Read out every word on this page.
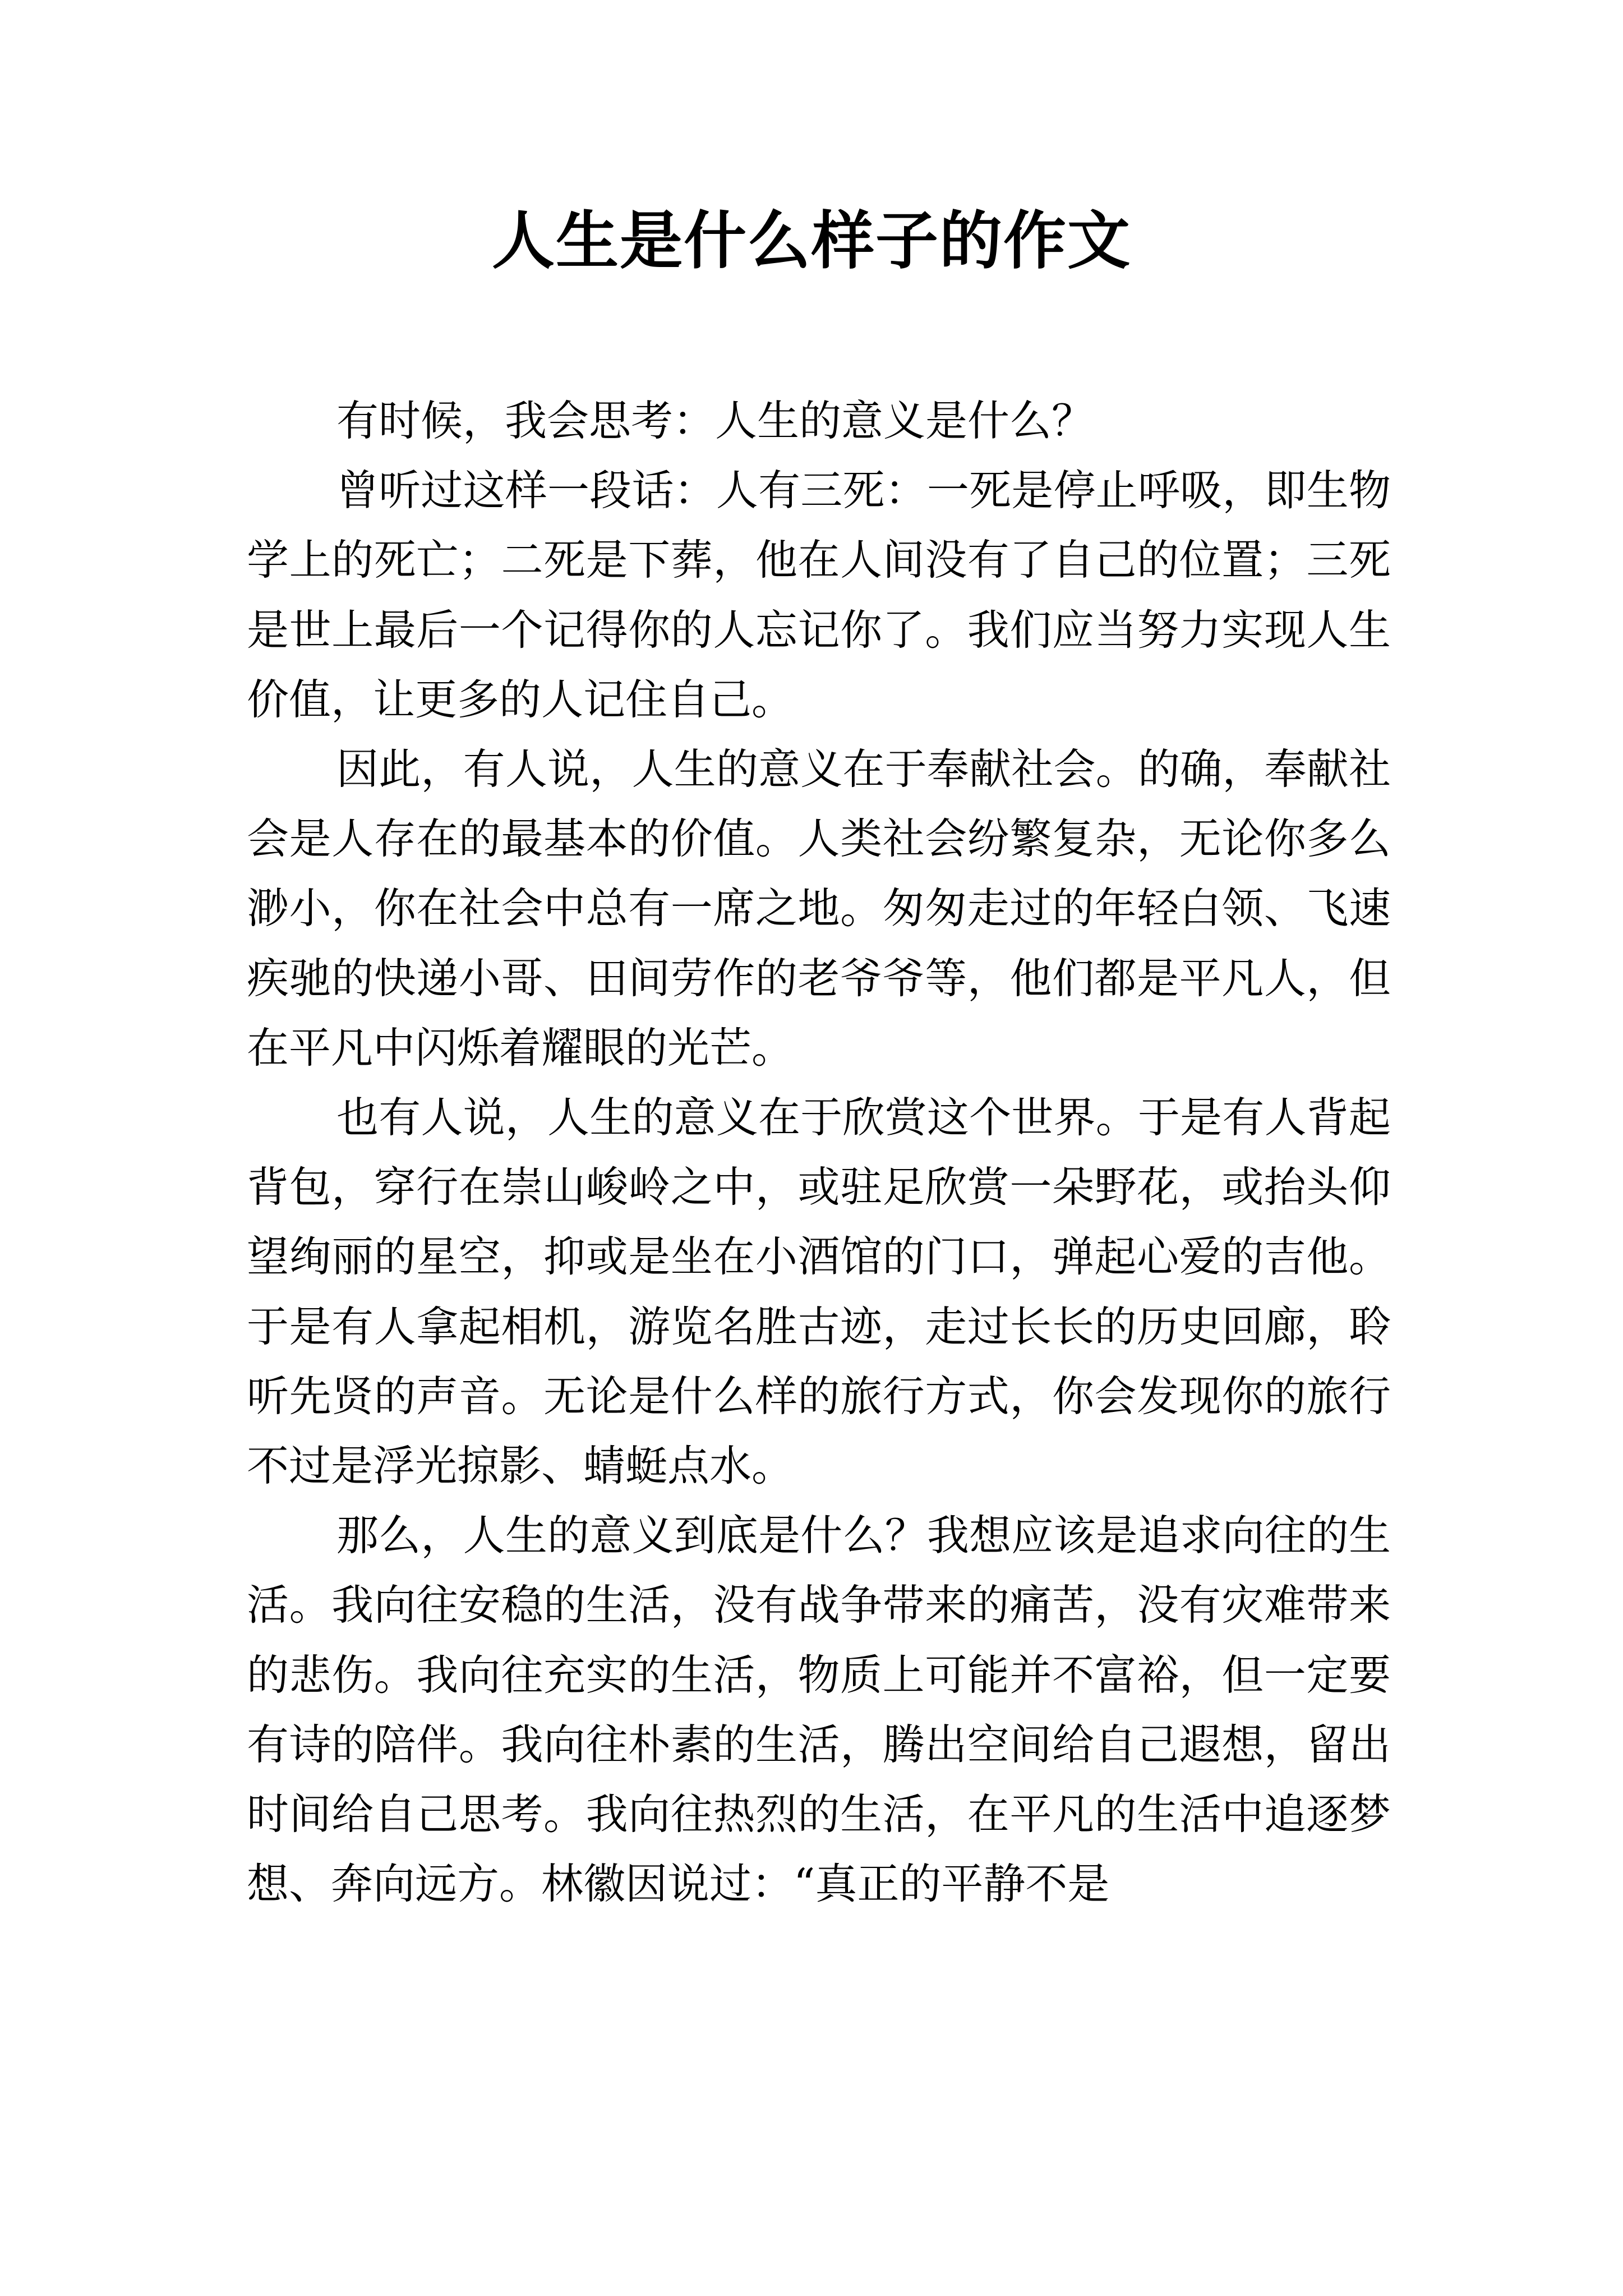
人生是什么样子的作文

有时候，我会思考：人生的意义是什么？

曾听过这样一段话：人有三死：一死是停止呼吸，即生物学上的死亡；二死是下葬，他在人间没有了自己的位置；三死是世上最后一个记得你的人忘记你了。我们应当努力实现人生价值，让更多的人记住自己。

因此，有人说，人生的意义在于奉献社会。的确，奉献社会是人存在的最基本的价值。人类社会纷繁复杂，无论你多么渺小，你在社会中总有一席之地。匆匆走过的年轻白领、飞速疾驰的快递小哥、田间劳作的老爷爷等，他们都是平凡人，但在平凡中闪烁着耀眼的光芒。

也有人说，人生的意义在于欣赏这个世界。于是有人背起背包，穿行在崇山峻岭之中，或驻足欣赏一朵野花，或抬头仰望绚丽的星空，抑或是坐在小酒馆的门口，弹起心爱的吉他。于是有人拿起相机，游览名胜古迹，走过长长的历史回廊，聆听先贤的声音。无论是什么样的旅行方式，你会发现你的旅行不过是浮光掠影、蜻蜓点水。

那么，人生的意义到底是什么？我想应该是追求向往的生活。我向往安稳的生活，没有战争带来的痛苦，没有灾难带来的悲伤。我向往充实的生活，物质上可能并不富裕，但一定要有诗的陪伴。我向往朴素的生活，腾出空间给自己遐想，留出时间给自己思考。我向往热烈的生活，在平凡的生活中追逐梦想、奔向远方。林徽因说过：“真正的平静不是
